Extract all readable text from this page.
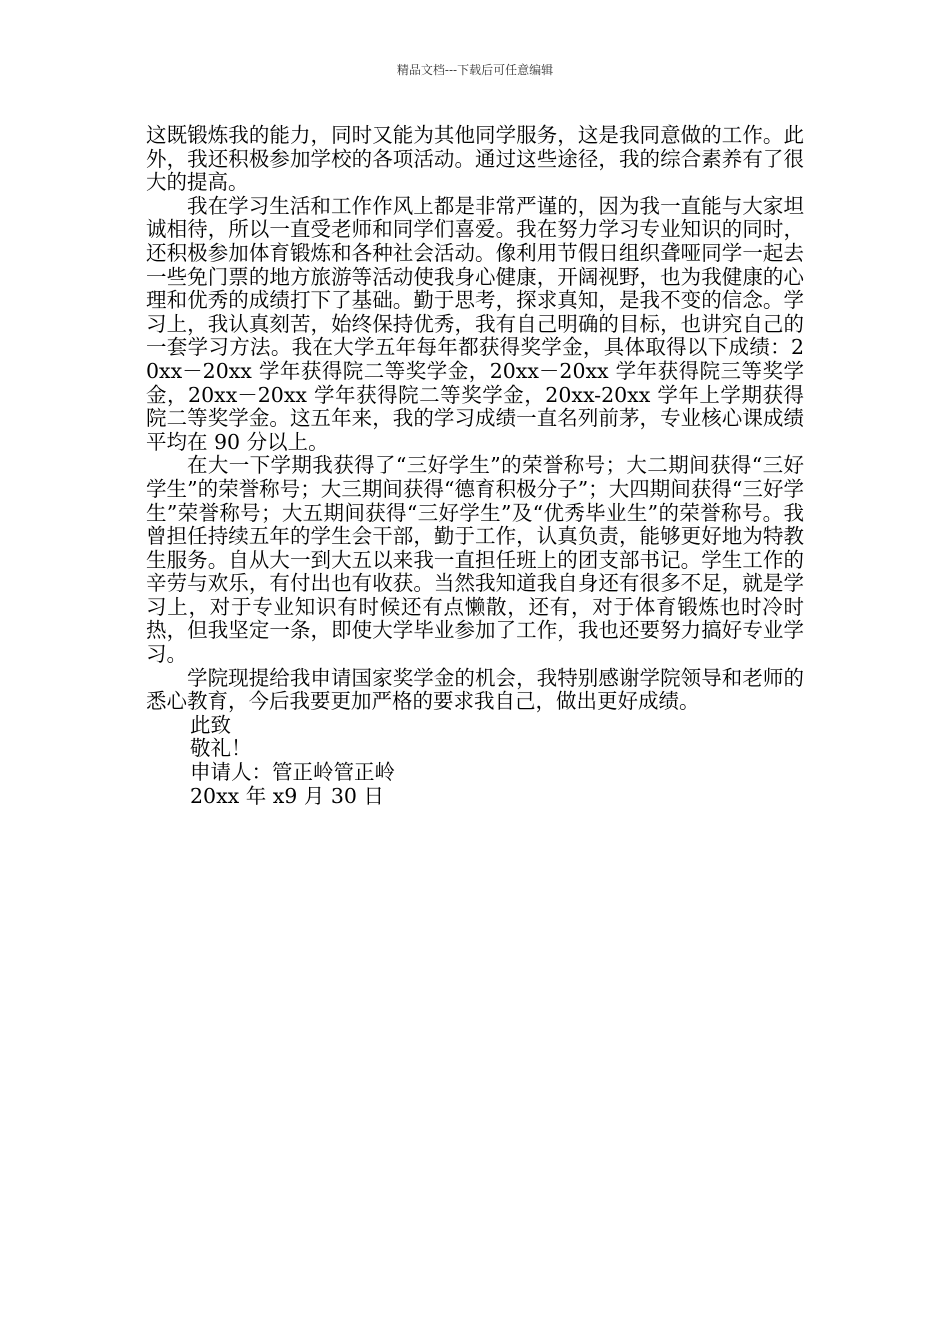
精品文档---下载后可任意编辑

这既锻炼我的能力，同时又能为其他同学服务，这是我同意做的工作。此外，我还积极参加学校的各项活动。通过这些途径，我的综合素养有了很大的提高。

我在学习生活和工作作风上都是非常严谨的，因为我一直能与大家坦诚相待，所以一直受老师和同学们喜爱。我在努力学习专业知识的同时，还积极参加体育锻炼和各种社会活动。像利用节假日组织聋哑同学一起去一些免门票的地方旅游等活动使我身心健康，开阔视野，也为我健康的心理和优秀的成绩打下了基础。勤于思考，探求真知，是我不变的信念。学习上，我认真刻苦，始终保持优秀，我有自己明确的目标，也讲究自己的一套学习方法。我在大学五年每年都获得奖学金，具体取得以下成绩：20xx－20xx 学年获得院二等奖学金，20xx－20xx 学年获得院三等奖学金，20xx－20xx 学年获得院二等奖学金，20xx-20xx 学年上学期获得院二等奖学金。这五年来，我的学习成绩一直名列前茅，专业核心课成绩平均在 90 分以上。

在大一下学期我获得了“三好学生”的荣誉称号；大二期间获得“三好学生”的荣誉称号；大三期间获得“德育积极分子”；大四期间获得“三好学生”荣誉称号；大五期间获得“三好学生”及“优秀毕业生”的荣誉称号。我曾担任持续五年的学生会干部，勤于工作，认真负责，能够更好地为特教生服务。自从大一到大五以来我一直担任班上的团支部书记。学生工作的辛劳与欢乐，有付出也有收获。当然我知道我自身还有很多不足，就是学习上，对于专业知识有时候还有点懒散，还有，对于体育锻炼也时冷时热，但我坚定一条，即使大学毕业参加了工作，我也还要努力搞好专业学习。

学院现提给我申请国家奖学金的机会，我特别感谢学院领导和老师的悉心教育，今后我要更加严格的要求我自己，做出更好成绩。

此致

敬礼！

申请人：管正岭管正岭

20xx 年 x9 月 30 日
